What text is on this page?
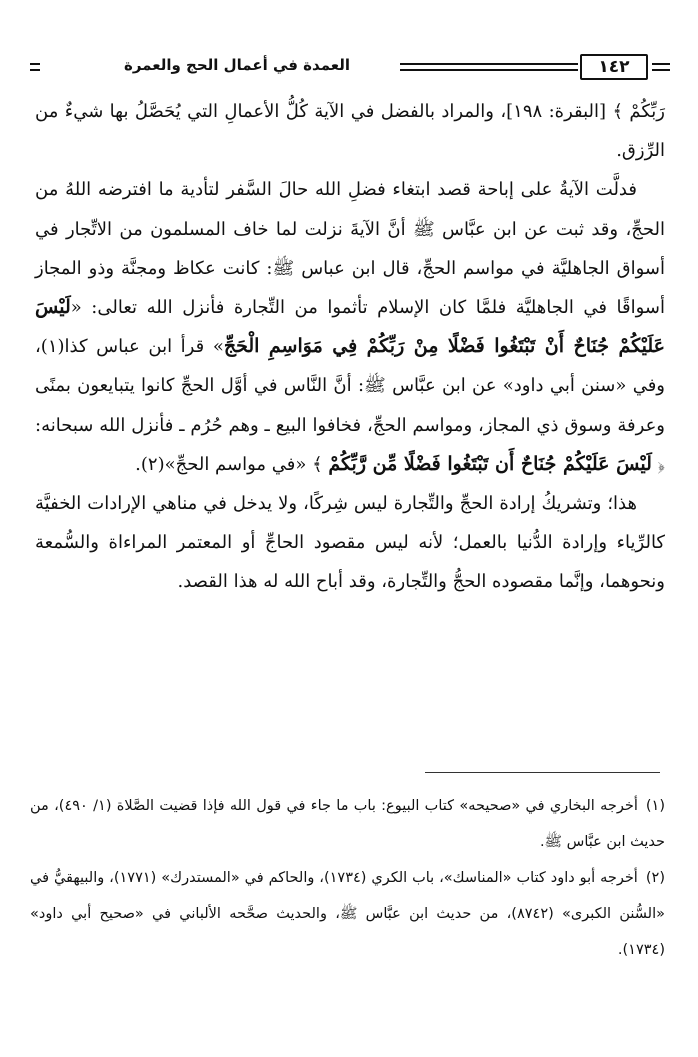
١٤٢
العمدة في أعمال الحج والعمرة

رَبِّكُمْ ﴾ [البقرة: ١٩٨]، والمراد بالفضل في الآية كُلُّ الأعمالِ التي يُحَصَّلُ بها شيءٌ من الرِّزق.

فدلَّت الآيةُ على إباحة قصد ابتغاء فضلِ الله حالَ السَّفر لتأدية ما افترضه اللهُ من الحجِّ، وقد ثبت عن ابن عبَّاس ﷺ أنَّ الآيةَ نزلت لما خاف المسلمون من الاتِّجار في أسواق الجاهليَّة في مواسم الحجِّ، قال ابن عباس ﷺ: كانت عكاظ ومجنَّة وذو المجاز أسواقًا في الجاهليَّة فلمَّا كان الإسلام تأثموا من التِّجارة فأنزل الله تعالى: «لَيْسَ عَلَيْكُمْ جُنَاحٌ أَنْ تَبْتَغُوا فَضْلًا مِنْ رَبِّكُمْ فِي مَوَاسِمِ الْحَجِّ» قرأ ابن عباس كذا(١)، وفي «سنن أبي داود» عن ابن عبَّاس ﷺ: أنَّ النَّاس في أوَّل الحجِّ كانوا يتبايعون بمنًى وعرفة وسوق ذي المجاز، ومواسم الحجِّ، فخافوا البيع ـ وهم حُرُم ـ فأنزل الله سبحانه: ﴿ لَيْسَ عَلَيْكُمْ جُنَاحٌ أَن تَبْتَغُوا فَضْلًا مِّن رَّبِّكُمْ ﴾ «في مواسم الحجِّ»(٢).

هذا؛ وتشريكُ إرادة الحجِّ والتِّجارة ليس شِركًا، ولا يدخل في مناهي الإرادات الخفيَّة كالرِّياء وإرادة الدُّنيا بالعمل؛ لأنه ليس مقصود الحاجِّ أو المعتمر المراءاة والسُّمعة ونحوهما، وإنَّما مقصوده الحجُّ والتِّجارة، وقد أباح الله له هذا القصد.

(١)أخرجه البخاري في «صحيحه» كتاب البيوع: باب ما جاء في قول الله فإذا قضيت الصَّلاة (١/ ٤٩٠)، من حديث ابن عبَّاس ﷺ.

(٢)أخرجه أبو داود كتاب «المناسك»، باب الكري (١٧٣٤)، والحاكم في «المستدرك» (١٧٧١)، والبيهقيُّ في «السُّنن الكبرى» (٨٧٤٢)، من حديث ابن عبَّاس ﷺ، والحديث صحَّحه الألباني في «صحيح أبي داود» (١٧٣٤).
